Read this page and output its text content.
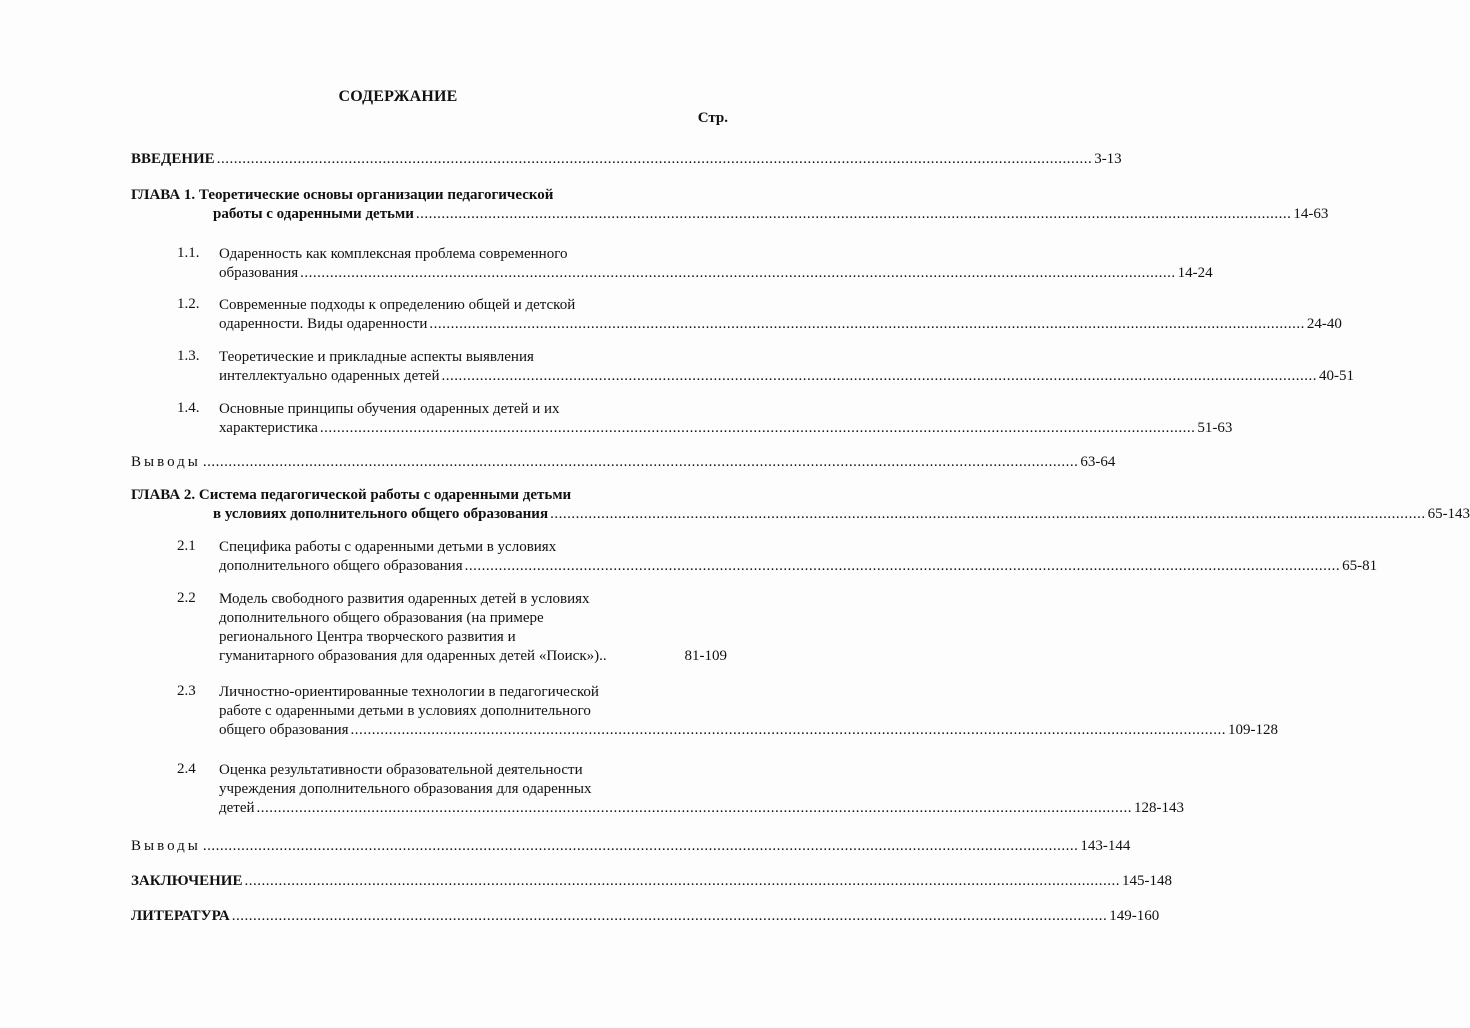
СОДЕРЖАНИЕ
Стр.
ВВЕДЕНИЕ .............................................................................................................................................................................................................. 3-13
ГЛАВА 1. Теоретические основы организации педагогической
работы с одаренными детьми .............................................................................................................................................................................................................. 14-63
1.1. Одаренность как комплексная проблема современного
образования .............................................................................................................................................................................................................. 14-24
1.2. Современные подходы к определению общей и детской
одаренности. Виды одаренности .............................................................................................................................................................................................................. 24-40
1.3. Теоретические и прикладные аспекты выявления
интеллектуально одаренных детей .............................................................................................................................................................................................................. 40-51
1.4. Основные принципы обучения одаренных детей и их
характеристика .............................................................................................................................................................................................................. 51-63
Выводы .............................................................................................................................................................................................................. 63-64
ГЛАВА 2. Система педагогической работы с одаренными детьми
в условиях дополнительного общего образования .............................................................................................................................................................................................................. 65-143
2.1 Специфика работы с одаренными детьми в условиях
дополнительного общего образования .............................................................................................................................................................................................................. 65-81
2.2 Модель свободного развития одаренных детей в условиях
дополнительного общего образования (на примере
регионального Центра творческого развития и
гуманитарного образования для одаренных детей «Поиск»)..	81-109
2.3 Личностно-ориентированные технологии в педагогической
работе с одаренными детьми в условиях дополнительного
общего образования .............................................................................................................................................................................................................. 109-128
2.4 Оценка результативности образовательной деятельности
учреждения дополнительного образования для одаренных
детей .............................................................................................................................................................................................................. 128-143
Выводы .............................................................................................................................................................................................................. 143-144
ЗАКЛЮЧЕНИЕ .............................................................................................................................................................................................................. 145-148
ЛИТЕРАТУРА .............................................................................................................................................................................................................. 149-160
